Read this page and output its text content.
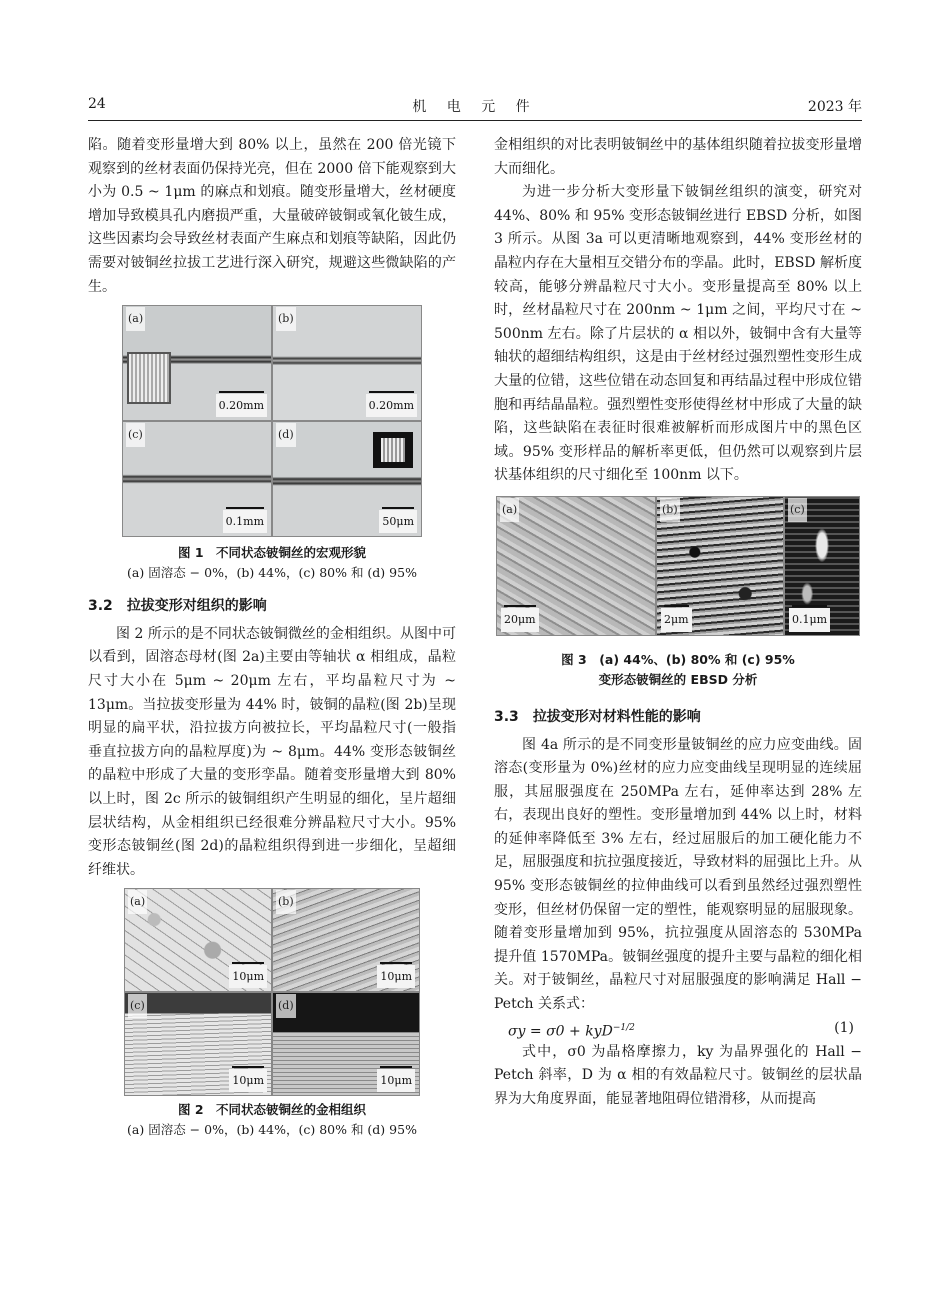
24	机 电 元 件	2023 年

陷。随着变形量增大到 80% 以上，虽然在 200 倍光镜下观察到的丝材表面仍保持光亮，但在 2000 倍下能观察到大小为 0.5 ~ 1μm 的麻点和划痕。随变形量增大，丝材硬度增加导致模具孔内磨损严重，大量破碎铍铜或氧化铍生成，这些因素均会导致丝材表面产生麻点和划痕等缺陷，因此仍需要对铍铜丝拉拔工艺进行深入研究，规避这些微缺陷的产生。

(a)
0.20mm
(b)
0.20mm
(c)
0.1mm
(d)
50μm
图 1　不同状态铍铜丝的宏观形貌
(a) 固溶态 − 0%，(b) 44%，(c) 80% 和 (d) 95%
3.2 拉拔变形对组织的影响

图 2 所示的是不同状态铍铜微丝的金相组织。从图中可以看到，固溶态母材(图 2a)主要由等轴状 α 相组成，晶粒尺寸大小在 5μm ~ 20μm 左右，平均晶粒尺寸为 ~ 13μm。当拉拔变形量为 44% 时，铍铜的晶粒(图 2b)呈现明显的扁平状，沿拉拔方向被拉长，平均晶粒尺寸(一般指垂直拉拔方向的晶粒厚度)为 ~ 8μm。44% 变形态铍铜丝的晶粒中形成了大量的变形孪晶。随着变形量增大到 80% 以上时，图 2c 所示的铍铜组织产生明显的细化，呈片超细层状结构，从金相组织已经很难分辨晶粒尺寸大小。95% 变形态铍铜丝(图 2d)的晶粒组织得到进一步细化，呈超细纤维状。

(a)
10μm
(b)
10μm
(c)
10μm
(d)
10μm
图 2　不同状态铍铜丝的金相组织
(a) 固溶态 − 0%，(b) 44%，(c) 80% 和 (d) 95%

金相组织的对比表明铍铜丝中的基体组织随着拉拔变形量增大而细化。

为进一步分析大变形量下铍铜丝组织的演变，研究对 44%、80% 和 95% 变形态铍铜丝进行 EBSD 分析，如图 3 所示。从图 3a 可以更清晰地观察到，44% 变形丝材的晶粒内存在大量相互交错分布的孪晶。此时，EBSD 解析度较高，能够分辨晶粒尺寸大小。变形量提高至 80% 以上时，丝材晶粒尺寸在 200nm ~ 1μm 之间，平均尺寸在 ~ 500nm 左右。除了片层状的 α 相以外，铍铜中含有大量等轴状的超细结构组织，这是由于丝材经过强烈塑性变形生成大量的位错，这些位错在动态回复和再结晶过程中形成位错胞和再结晶晶粒。强烈塑性变形使得丝材中形成了大量的缺陷，这些缺陷在表征时很难被解析而形成图片中的黑色区域。95% 变形样品的解析率更低，但仍然可以观察到片层状基体组织的尺寸细化至 100nm 以下。

(a)
20μm
(b)
2μm
(c)
0.1μm
图 3　(a) 44%、(b) 80% 和 (c) 95%
变形态铍铜丝的 EBSD 分析
3.3 拉拔变形对材料性能的影响

图 4a 所示的是不同变形量铍铜丝的应力应变曲线。固溶态(变形量为 0%)丝材的应力应变曲线呈现明显的连续屈服，其屈服强度在 250MPa 左右，延伸率达到 28% 左右，表现出良好的塑性。变形量增加到 44% 以上时，材料的延伸率降低至 3% 左右，经过屈服后的加工硬化能力不足，屈服强度和抗拉强度接近，导致材料的屈强比上升。从 95% 变形态铍铜丝的拉伸曲线可以看到虽然经过强烈塑性变形，但丝材仍保留一定的塑性，能观察明显的屈服现象。随着变形量增加到 95%，抗拉强度从固溶态的 530MPa 提升值 1570MPa。铍铜丝强度的提升主要与晶粒的细化相关。对于铍铜丝，晶粒尺寸对屈服强度的影响满足 Hall − Petch 关系式：

σy = σ0 + kyD$^{-1/2}$	(1)

式中，σ0 为晶格摩擦力，ky 为晶界强化的 Hall − Petch 斜率，D 为 α 相的有效晶粒尺寸。铍铜丝的层状晶界为大角度界面，能显著地阻碍位错滑移，从而提高
